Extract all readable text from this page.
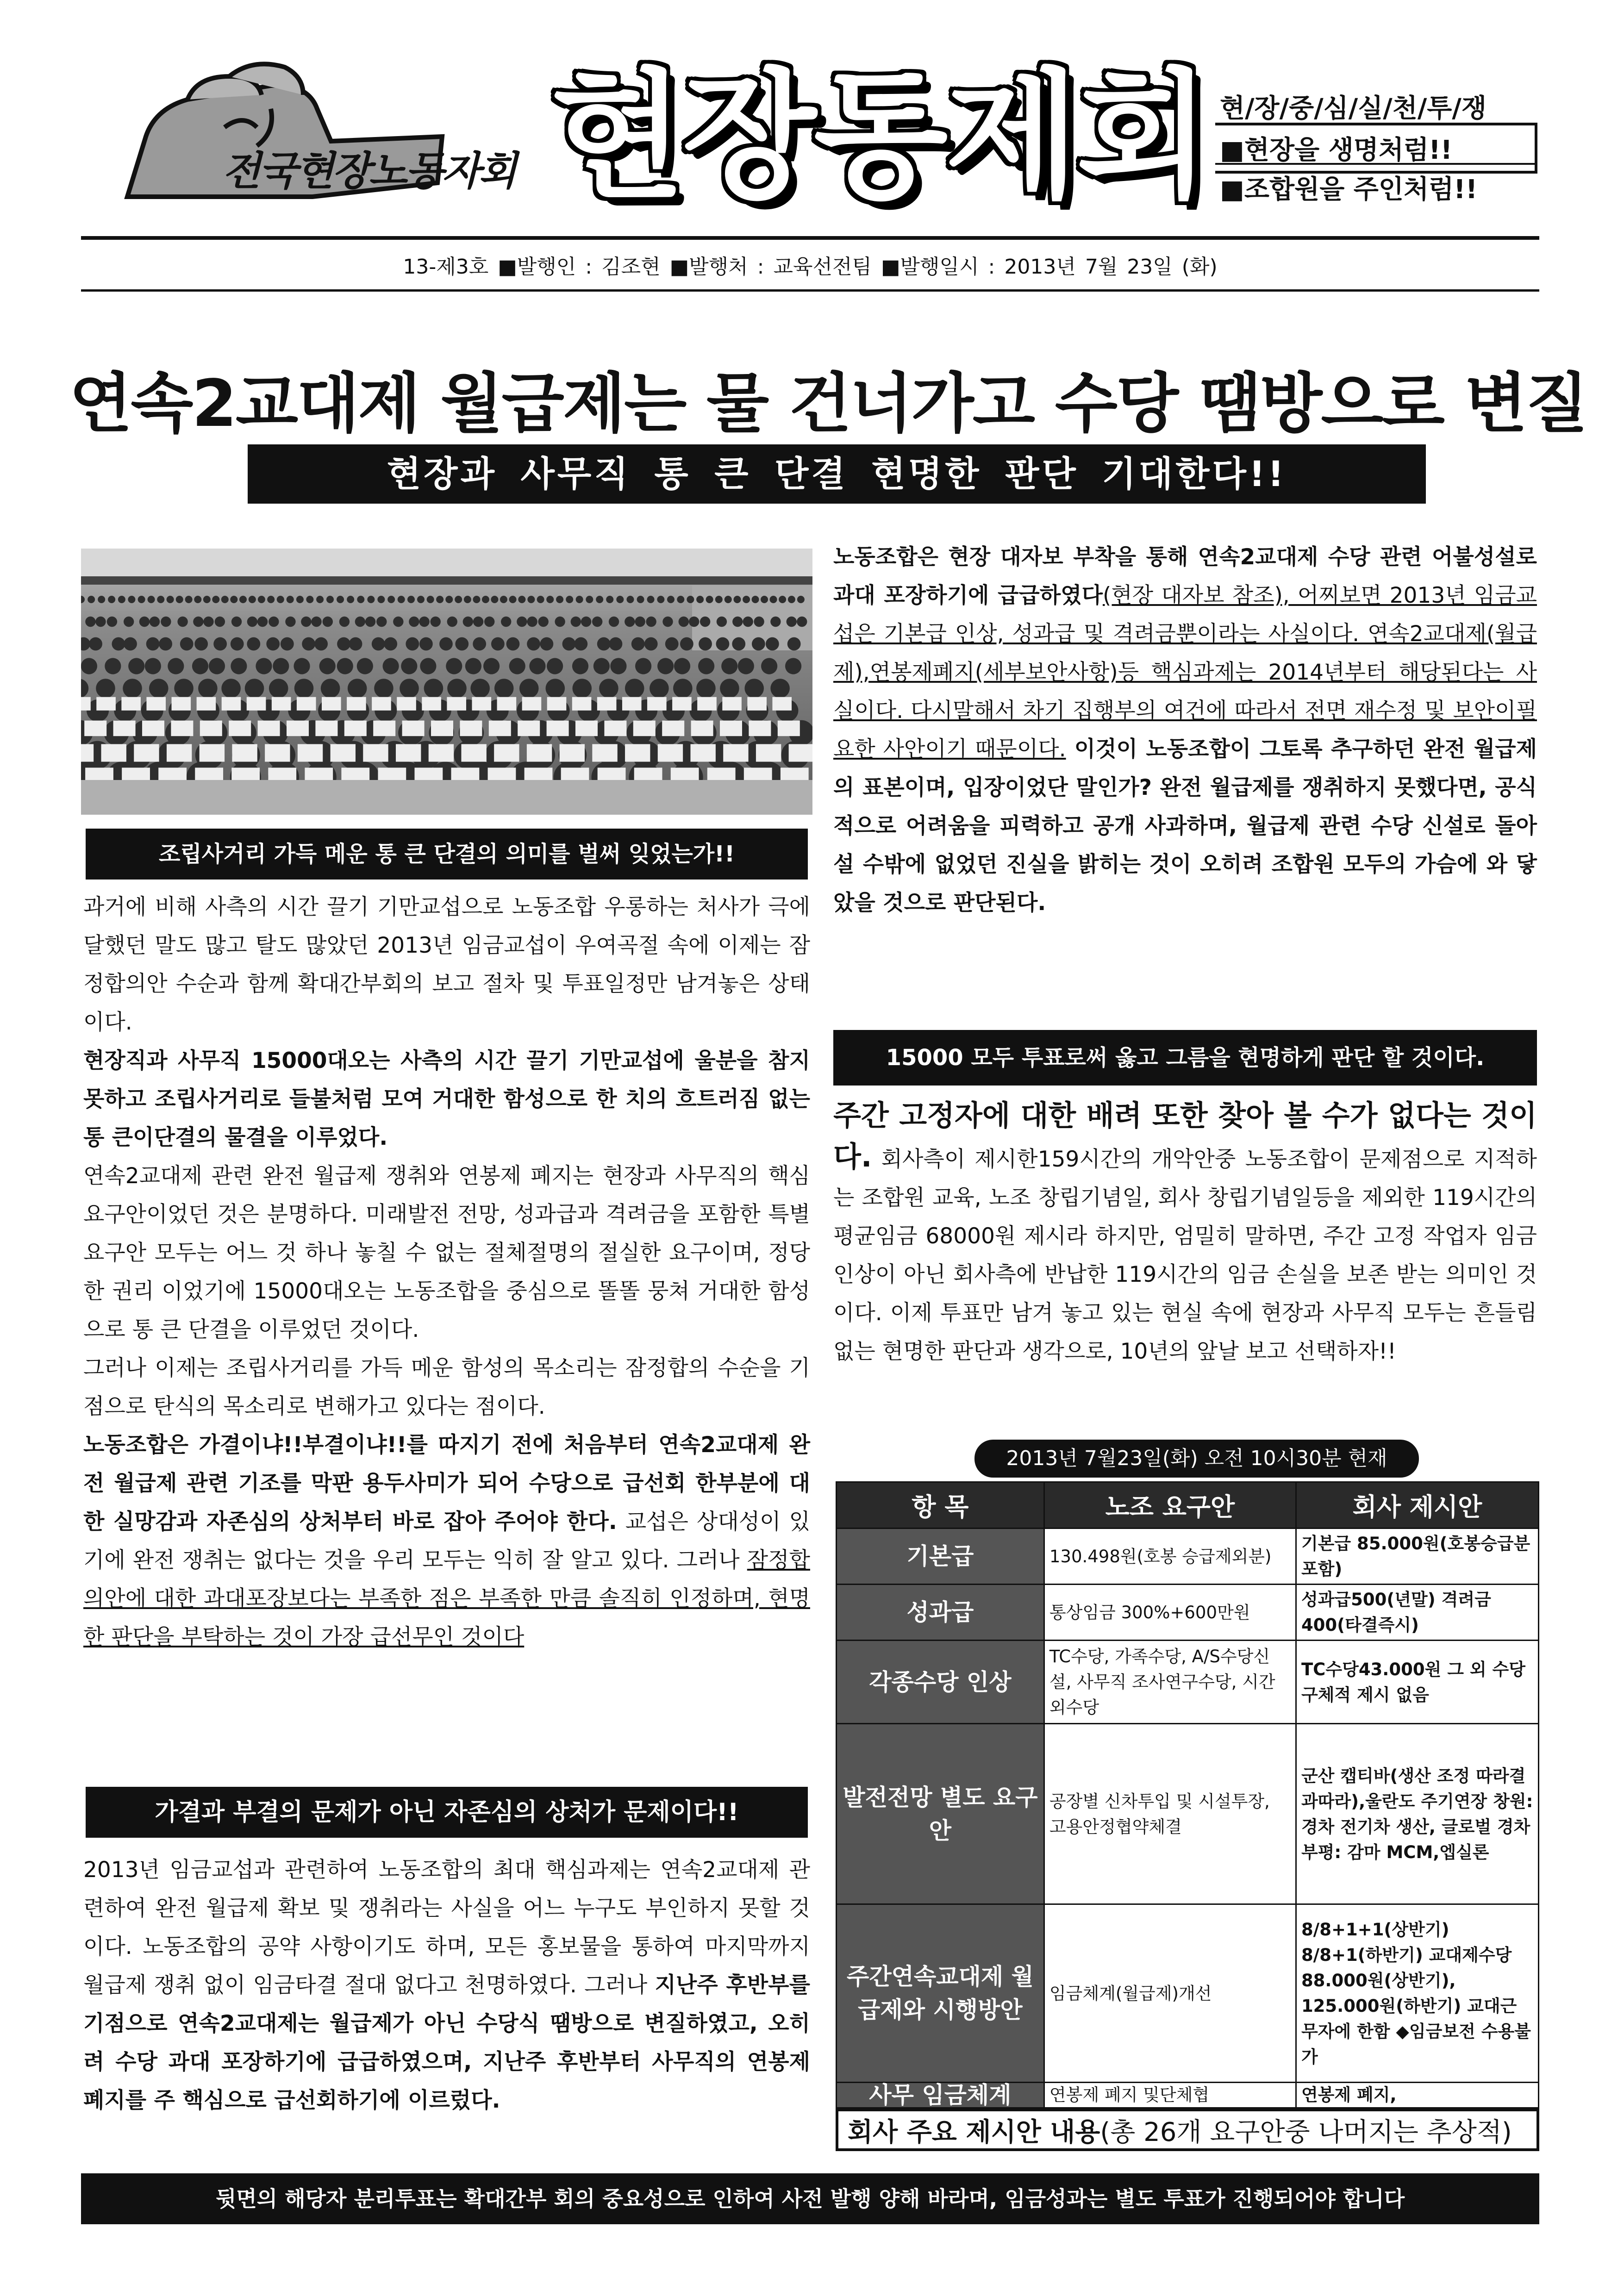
전국현장노동자회 현장동제회 현/장/중/심/실/천/투/쟁
■현장을 생명처럼!!
■조합원을 주인처럼!!
13-제3호 ■발행인 : 김조현 ■발행처 : 교육선전팀 ■발행일시 : 2013년 7월 23일 (화)
연속2교대제 월급제는 물 건너가고 수당 땜방으로 변질
현장과 사무직 통 큰 단결 현명한 판단 기대한다!!
조립사거리 가득 메운 통 큰 단결의 의미를 벌써 잊었는가!!

과거에 비해 사측의 시간 끌기 기만교섭으로 노동조합 우롱하는 처사가 극에 달했던 말도 많고 탈도 많았던 2013년 임금교섭이 우여곡절 속에 이제는 잠정합의안 수순과 함께 확대간부회의 보고 절차 및 투표일정만 남겨놓은 상태이다.

현장직과 사무직 15000대오는 사측의 시간 끌기 기만교섭에 울분을 참지 못하고 조립사거리로 들불처럼 모여 거대한 함성으로 한 치의 흐트러짐 없는 통 큰이단결의 물결을 이루었다.

연속2교대제 관련 완전 월급제 쟁취와 연봉제 폐지는 현장과 사무직의 핵심 요구안이었던 것은 분명하다. 미래발전 전망, 성과급과 격려금을 포함한 특별요구안 모두는 어느 것 하나 놓칠 수 없는 절체절명의 절실한 요구이며, 정당한 권리 이었기에 15000대오는 노동조합을 중심으로 똘똘 뭉쳐 거대한 함성으로 통 큰 단결을 이루었던 것이다.

그러나 이제는 조립사거리를 가득 메운 함성의 목소리는 잠정합의 수순을 기점으로 탄식의 목소리로 변해가고 있다는 점이다.

노동조합은 가결이냐!!부결이냐!!를 따지기 전에 처음부터 연속2교대제 완전 월급제 관련 기조를 막판 용두사미가 되어 수당으로 급선회 한부분에 대한 실망감과 자존심의 상처부터 바로 잡아 주어야 한다. 교섭은 상대성이 있기에 완전 쟁취는 없다는 것을 우리 모두는 익히 잘 알고 있다. 그러나 잠정합의안에 대한 과대포장보다는 부족한 점은 부족한 만큼 솔직히 인정하며, 현명한 판단을 부탁하는 것이 가장 급선무인 것이다

가결과 부결의 문제가 아닌 자존심의 상처가 문제이다!!

2013년 임금교섭과 관련하여 노동조합의 최대 핵심과제는 연속2교대제 관련하여 완전 월급제 확보 및 쟁취라는 사실을 어느 누구도 부인하지 못할 것이다. 노동조합의 공약 사항이기도 하며, 모든 홍보물을 통하여 마지막까지 월급제 쟁취 없이 임금타결 절대 없다고 천명하였다. 그러나 지난주 후반부를 기점으로 연속2교대제는 월급제가 아닌 수당식 땜방으로 변질하였고, 오히려 수당 과대 포장하기에 급급하였으며, 지난주 후반부터 사무직의 연봉제 폐지를 주 핵심으로 급선회하기에 이르렀다.

노동조합은 현장 대자보 부착을 통해 연속2교대제 수당 관련 어불성설로 과대 포장하기에 급급하였다(현장 대자보 참조), 어찌보면 2013년 임금교섭은 기본급 인상, 성과급 및 격려금뿐이라는 사실이다. 연속2교대제(월급제),연봉제폐지(세부보안사항)등 핵심과제는 2014년부터 해당된다는 사실이다. 다시말해서 차기 집행부의 여건에 따라서 전면 재수정 및 보안이필요한 사안이기 때문이다. 이것이 노동조합이 그토록 추구하던 완전 월급제의 표본이며, 입장이었단 말인가? 완전 월급제를 쟁취하지 못했다면, 공식적으로 어려움을 피력하고 공개 사과하며, 월급제 관련 수당 신설로 돌아설 수밖에 없었던 진실을 밝히는 것이 오히려 조합원 모두의 가슴에 와 닿았을 것으로 판단된다.

15000 모두 투표로써 옳고 그름을 현명하게 판단 할 것이다.

주간 고정자에 대한 배려 또한 찾아 볼 수가 없다는 것이다. 회사측이 제시한159시간의 개악안중 노동조합이 문제점으로 지적하는 조합원 교육, 노조 창립기념일, 회사 창립기념일등을 제외한 119시간의 평균임금 68000원 제시라 하지만, 엄밀히 말하면, 주간 고정 작업자 임금인상이 아닌 회사측에 반납한 119시간의 임금 손실을 보존 받는 의미인 것이다. 이제 투표만 남겨 놓고 있는 현실 속에 현장과 사무직 모두는 흔들림 없는 현명한 판단과 생각으로, 10년의 앞날 보고 선택하자!!

2013년 7월23일(화) 오전 10시30분 현재
항 목	노조 요구안	회사 제시안
기본급	130.498원(호봉 승급제외분)	기본급 85.000원(호봉승급분 포함)
성과급	통상임금 300%+600만원	성과급500(년말) 격려금400(타결즉시)
각종수당 인상	TC수당, 가족수당, A/S수당신설, 사무직 조사연구수당, 시간외수당	TC수당43.000원 그 외 수당 구체적 제시 없음
발전전망 별도 요구안	공장별 신차투입 및 시설투장, 고용안정협약체결	군산 캡티바(생산 조정 따라결과따라),울란도 주기연장 창원: 경차 전기차 생산, 글로벌 경차 부평: 감마 MCM,엡실론
주간연속교대제 월급제와 시행방안	임금체계(월급제)개선	8/8+1+1(상반기) 8/8+1(하반기) 교대제수당 88.000원(상반기), 125.000원(하반기) 교대근무자에 한함 ◆임금보전 수용불가
사무 임금체계	연봉제 폐지 및단체협	연봉제 폐지,
회사 주요 제시안 내용(총 26개 요구안중 나머지는 추상적)
뒷면의 해당자 분리투표는 확대간부 회의 중요성으로 인하여 사전 발행 양해 바라며, 임금성과는 별도 투표가 진행되어야 합니다
